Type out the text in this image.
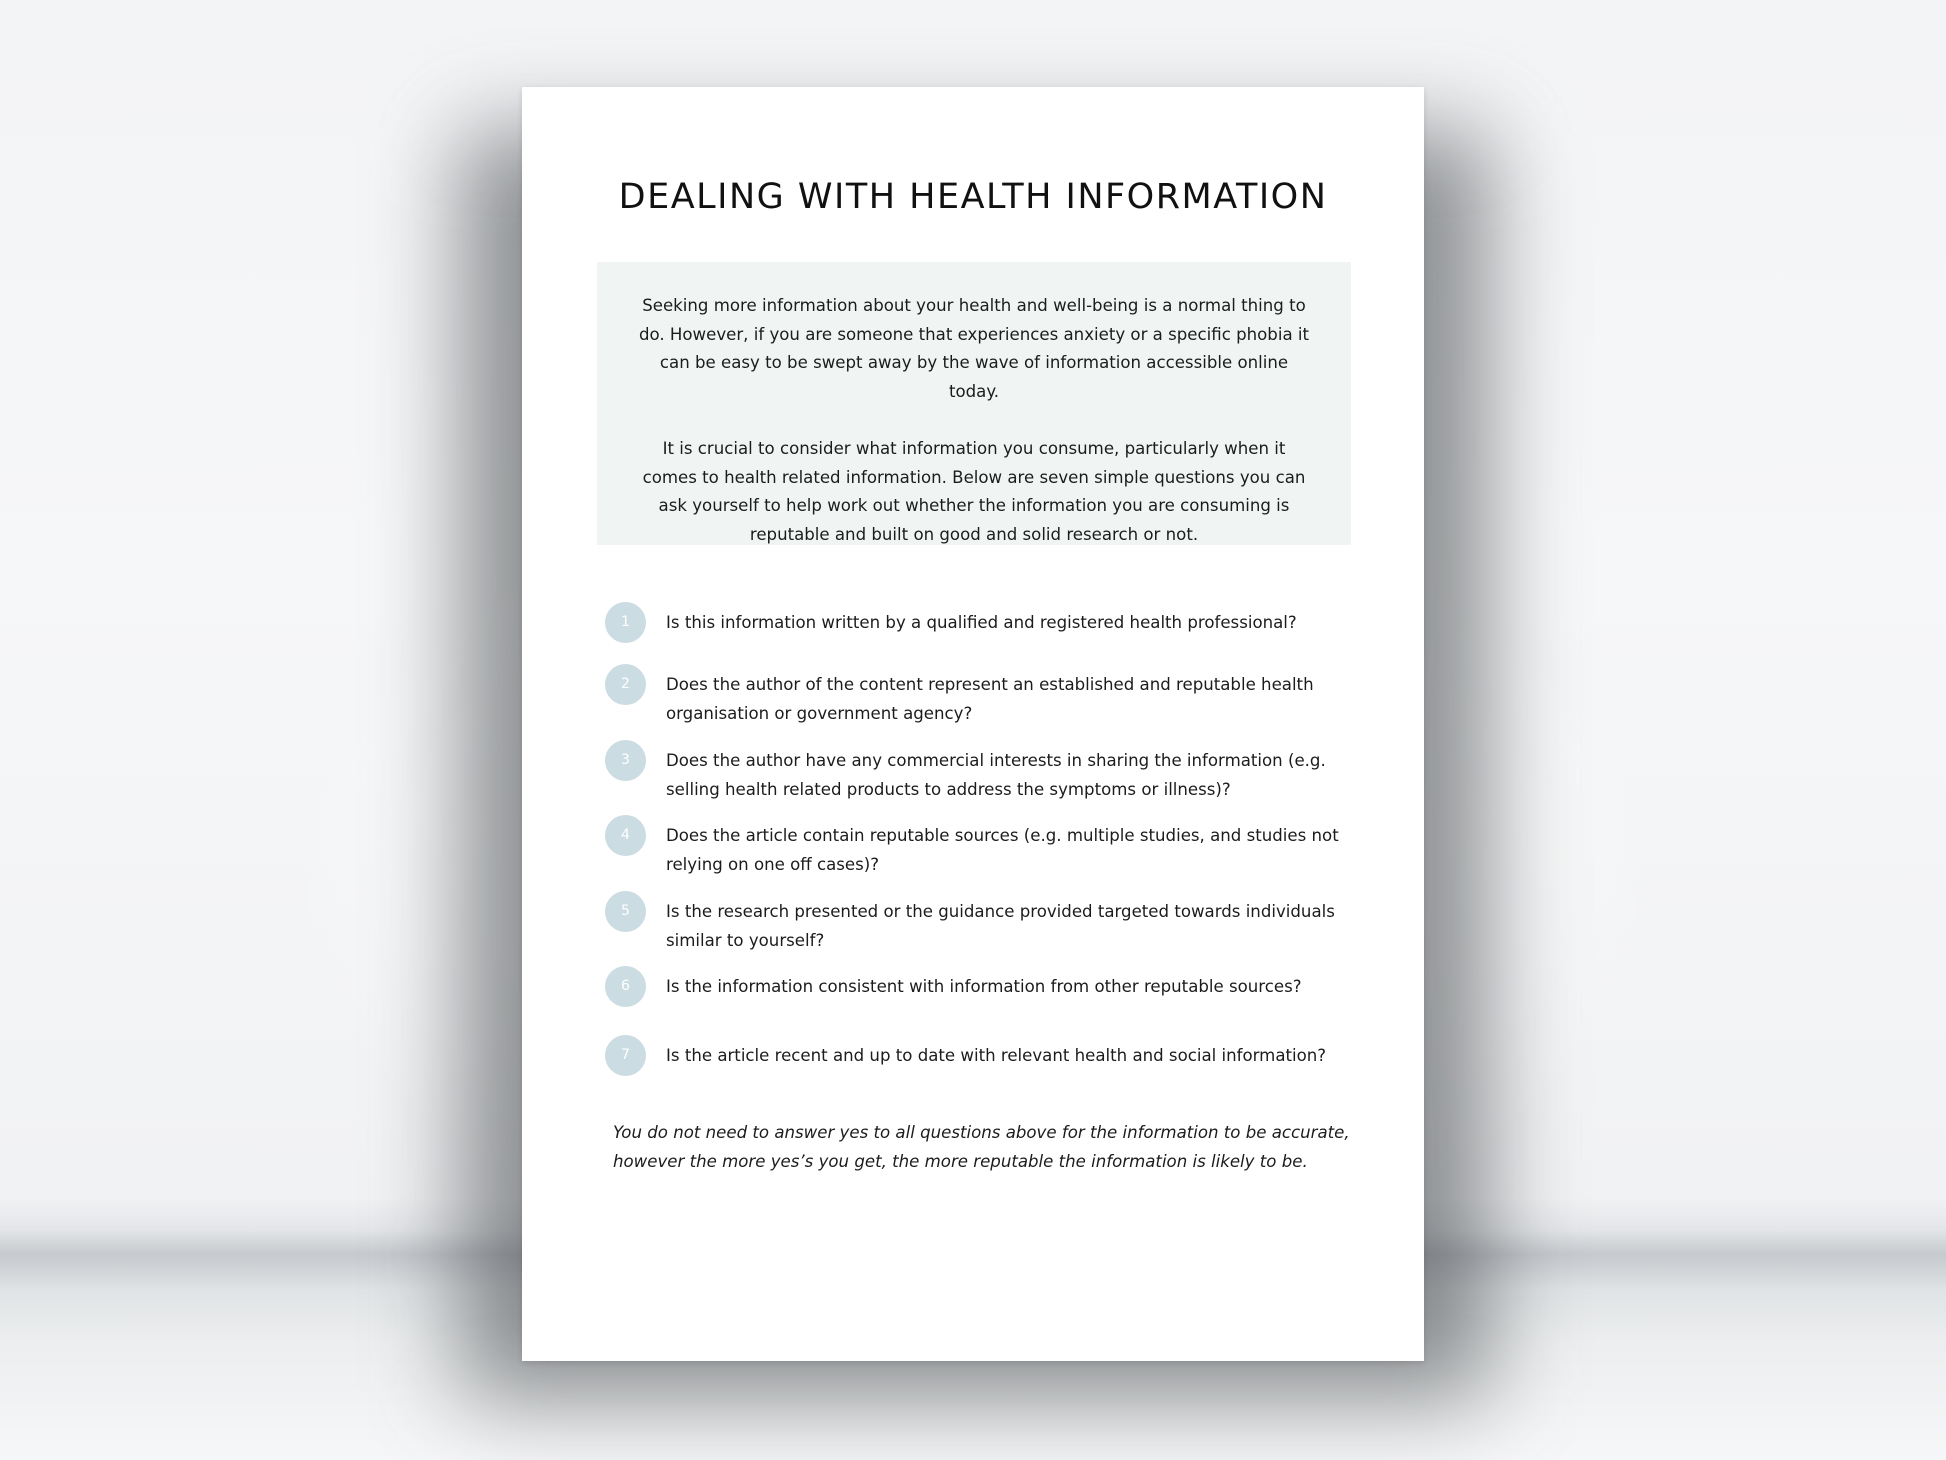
DEALING WITH HEALTH INFORMATION

Seeking more information about your health and well-being is a normal thing to do. However, if you are someone that experiences anxiety or a specific phobia it can be easy to be swept away by the wave of information accessible online today.

It is crucial to consider what information you consume, particularly when it comes to health related information. Below are seven simple questions you can ask yourself to help work out whether the information you are consuming is reputable and built on good and solid research or not.

1	Is this information written by a qualified and registered health professional?
2	Does the author of the content represent an established and reputable health organisation or government agency?
3	Does the author have any commercial interests in sharing the information (e.g. selling health related products to address the symptoms or illness)?
4	Does the article contain reputable sources (e.g. multiple studies, and studies not relying on one off cases)?
5	Is the research presented or the guidance provided targeted towards individuals similar to yourself?
6	Is the information consistent with information from other reputable sources?
7	Is the article recent and up to date with relevant health and social information?

You do not need to answer yes to all questions above for the information to be accurate, however the more yes’s you get, the more reputable the information is likely to be.
